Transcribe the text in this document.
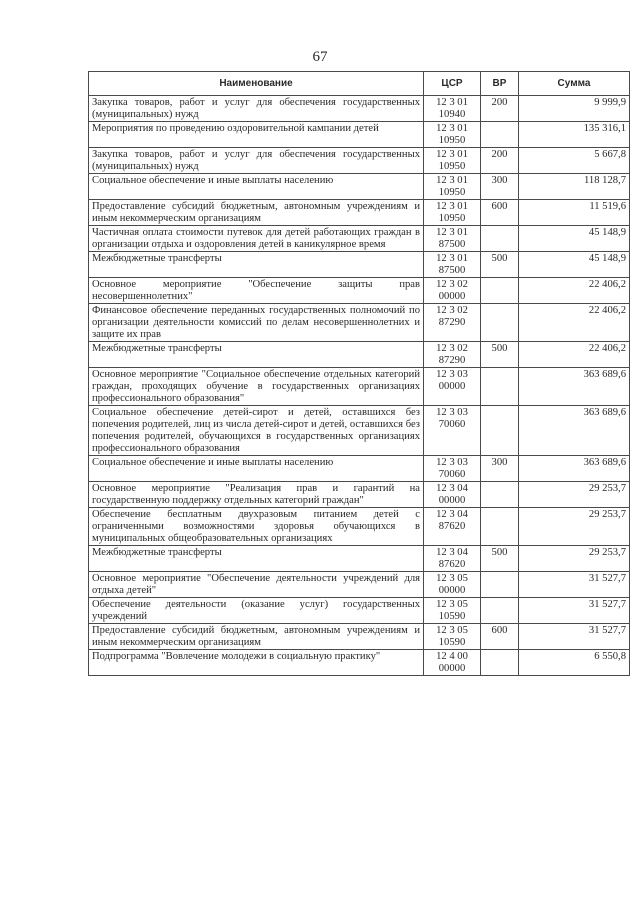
67
Наименование	ЦСР	ВР	Сумма
Закупка товаров, работ и услуг для обеспечения государственных (муниципальных) нужд	12 3 01 10940	200	9 999,9
Мероприятия по проведению оздоровительной кампании детей	12 3 01 10950		135 316,1
Закупка товаров, работ и услуг для обеспечения государственных (муниципальных) нужд	12 3 01 10950	200	5 667,8
Социальное обеспечение и иные выплаты населению	12 3 01 10950	300	118 128,7
Предоставление субсидий бюджетным, автономным учреждениям и иным некоммерческим организациям	12 3 01 10950	600	11 519,6
Частичная оплата стоимости путевок для детей работающих граждан в организации отдыха и оздоровления детей в каникулярное время	12 3 01 87500		45 148,9
Межбюджетные трансферты	12 3 01 87500	500	45 148,9
Основное мероприятие "Обеспечение защиты прав несовершеннолетних"	12 3 02 00000		22 406,2
Финансовое обеспечение переданных государственных полномочий по организации деятельности комиссий по делам несовершеннолетних и защите их прав	12 3 02 87290		22 406,2
Межбюджетные трансферты	12 3 02 87290	500	22 406,2
Основное мероприятие "Социальное обеспечение отдельных категорий граждан, проходящих обучение в государственных организациях профессионального образования"	12 3 03 00000		363 689,6
Социальное обеспечение детей-сирот и детей, оставшихся без попечения родителей, лиц из числа детей-сирот и детей, оставшихся без попечения родителей, обучающихся в государственных организациях профессионального образования	12 3 03 70060		363 689,6
Социальное обеспечение и иные выплаты населению	12 3 03 70060	300	363 689,6
Основное мероприятие "Реализация прав и гарантий на государственную поддержку отдельных категорий граждан"	12 3 04 00000		29 253,7
Обеспечение бесплатным двухразовым питанием детей с ограниченными возможностями здоровья обучающихся в муниципальных общеобразовательных организациях	12 3 04 87620		29 253,7
Межбюджетные трансферты	12 3 04 87620	500	29 253,7
Основное мероприятие "Обеспечение деятельности учреждений для отдыха детей"	12 3 05 00000		31 527,7
Обеспечение деятельности (оказание услуг) государственных учреждений	12 3 05 10590		31 527,7
Предоставление субсидий бюджетным, автономным учреждениям и иным некоммерческим организациям	12 3 05 10590	600	31 527,7
Подпрограмма "Вовлечение молодежи в социальную практику"	12 4 00 00000		6 550,8
